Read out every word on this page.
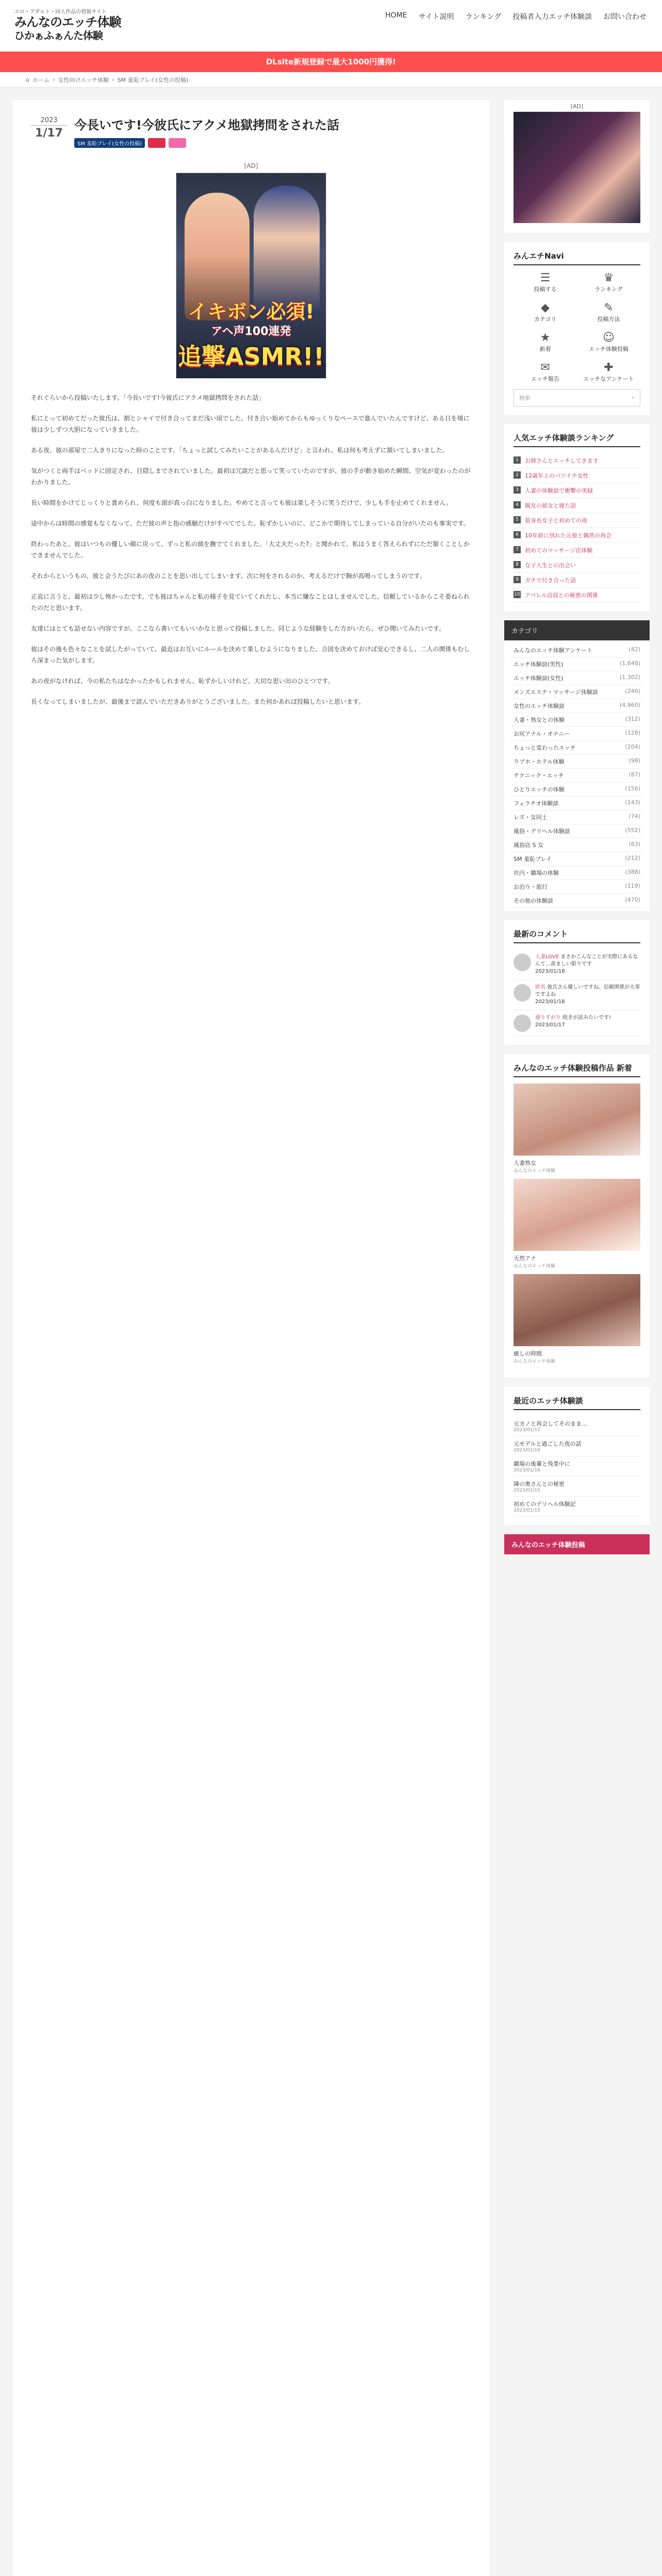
エロ・アダルト・同人作品の情報サイト
みんなのエッチ体験
ひかぁふぁんた体験
HOME サイト説明 ランキング 投稿者入力エッチ体験談 お問い合わせ
DLsite新規登録で最大1000円獲得!
⌂ ホーム › 女性向けエッチ体験 › SM 羞恥プレイ(女性の投稿)
2023
1/17
今長いです!今彼氏にアクメ地獄拷問をされた話
SM 羞恥プレイ(女性の投稿)
[AD]
イキボン必須!
アヘ声100連発
追撃ASMR!!

それぐらいから投稿いたします。「今長いです!今彼氏にアクメ地獄拷問をされた話」

私にとって初めてだった彼氏は、割とシャイで付き合ってまだ浅い頃でした。付き合い始めてからもゆっくりなペースで進んでいたんですけど、ある日を境に彼は少しずつ大胆になっていきました。

ある夜、彼の部屋で二人きりになった時のことです。「ちょっと試してみたいことがあるんだけど」と言われ、私は何も考えずに頷いてしまいました。

気がつくと両手はベッドに固定され、目隠しまでされていました。最初は冗談だと思って笑っていたのですが、彼の手が動き始めた瞬間、空気が変わったのがわかりました。

長い時間をかけてじっくりと責められ、何度も頭が真っ白になりました。やめてと言っても彼は楽しそうに笑うだけで、少しも手を止めてくれません。

途中からは時間の感覚もなくなって、ただ彼の声と指の感触だけがすべてでした。恥ずかしいのに、どこかで期待してしまっている自分がいたのも事実です。

終わったあと、彼はいつもの優しい顔に戻って、ずっと私の頭を撫でてくれました。「大丈夫だった?」と聞かれて、私はうまく答えられずにただ頷くことしかできませんでした。

それからというもの、彼と会うたびにあの夜のことを思い出してしまいます。次に何をされるのか、考えるだけで胸が高鳴ってしまうのです。

正直に言うと、最初は少し怖かったです。でも彼はちゃんと私の様子を見ていてくれたし、本当に嫌なことはしませんでした。信頼しているからこそ委ねられたのだと思います。

友達にはとても話せない内容ですが、ここなら書いてもいいかなと思って投稿しました。同じような経験をした方がいたら、ぜひ聞いてみたいです。

彼はその後も色々なことを試したがっていて、最近はお互いにルールを決めて楽しむようになりました。合図を決めておけば安心できるし、二人の関係もむしろ深まった気がします。

あの夜がなければ、今の私たちはなかったかもしれません。恥ずかしいけれど、大切な思い出のひとつです。

長くなってしまいましたが、最後まで読んでいただきありがとうございました。また何かあれば投稿したいと思います。

[AD]
みんエチNavi
☰
投稿する
♛
ランキング
◆
カテゴリ
✎
投稿方法
★
新着
☺
エッチ体験投稿
✉
エッチ報告
✚
エッチなアンケート
検索	⌕
人気エッチ体験談ランキング
1	お姉さんとエッチしてきます
2	12歳年上のバツイチ女性
3	人妻の体験談で衝撃の実録
4	親友の彼女と寝た話
5	低身長女子と初めての夜
6	10年前に別れた元彼と偶然の再会
7	初めてのマッサージ店体験
8	女子大生との出会い
9	ガチで付き合った話
10 アパレル店員との秘密の関係
カテゴリ
みんなのエッチ体験アンケート	(42)
エッチ体験談(男性)	(1,648)
エッチ体験談(女性)	(1,302)
メンズエステ・マッサージ体験談	(246)
女性のエッチ体験談	(4,960)
人妻・熟女との体験	(312)
お尻アナル・オナニー	(128)
ちょっと変わったエッチ	(204)
ラブホ・ホテル体験	(98)
テクニック・エッチ	(87)
ひとりエッチの体験	(156)
フェラチオ体験談	(143)
レズ・女同士	(74)
風俗・デリヘル体験談	(552)
風俗店 S 女	(63)
SM 羞恥プレイ	(212)
社内・職場の体験	(388)
お泊り・旅行	(119)
その他の体験談	(470)
最新のコメント
人妻LOVE まさかこんなことが実際にあるなんて…羨ましい限りです
2023/01/18
匿名 彼氏さん優しいですね。信頼関係が大事ですよね
2023/01/18
通りすがり 続きが読みたいです!
2023/01/17
みんなのエッチ体験投稿作品 新着
人妻熟女
みんなのエッチ体験
天然アナ
みんなのエッチ体験
癒しの時間
みんなのエッチ体験
最近のエッチ体験談
元カノと再会してそのまま…
2023/01/17
元モデルと過ごした夜の話
2023/01/16
職場の後輩と残業中に
2023/01/16
隣の奥さんとの秘密
2023/01/15
初めてのデリヘル体験記
2023/01/15
みんなのエッチ体験投稿
